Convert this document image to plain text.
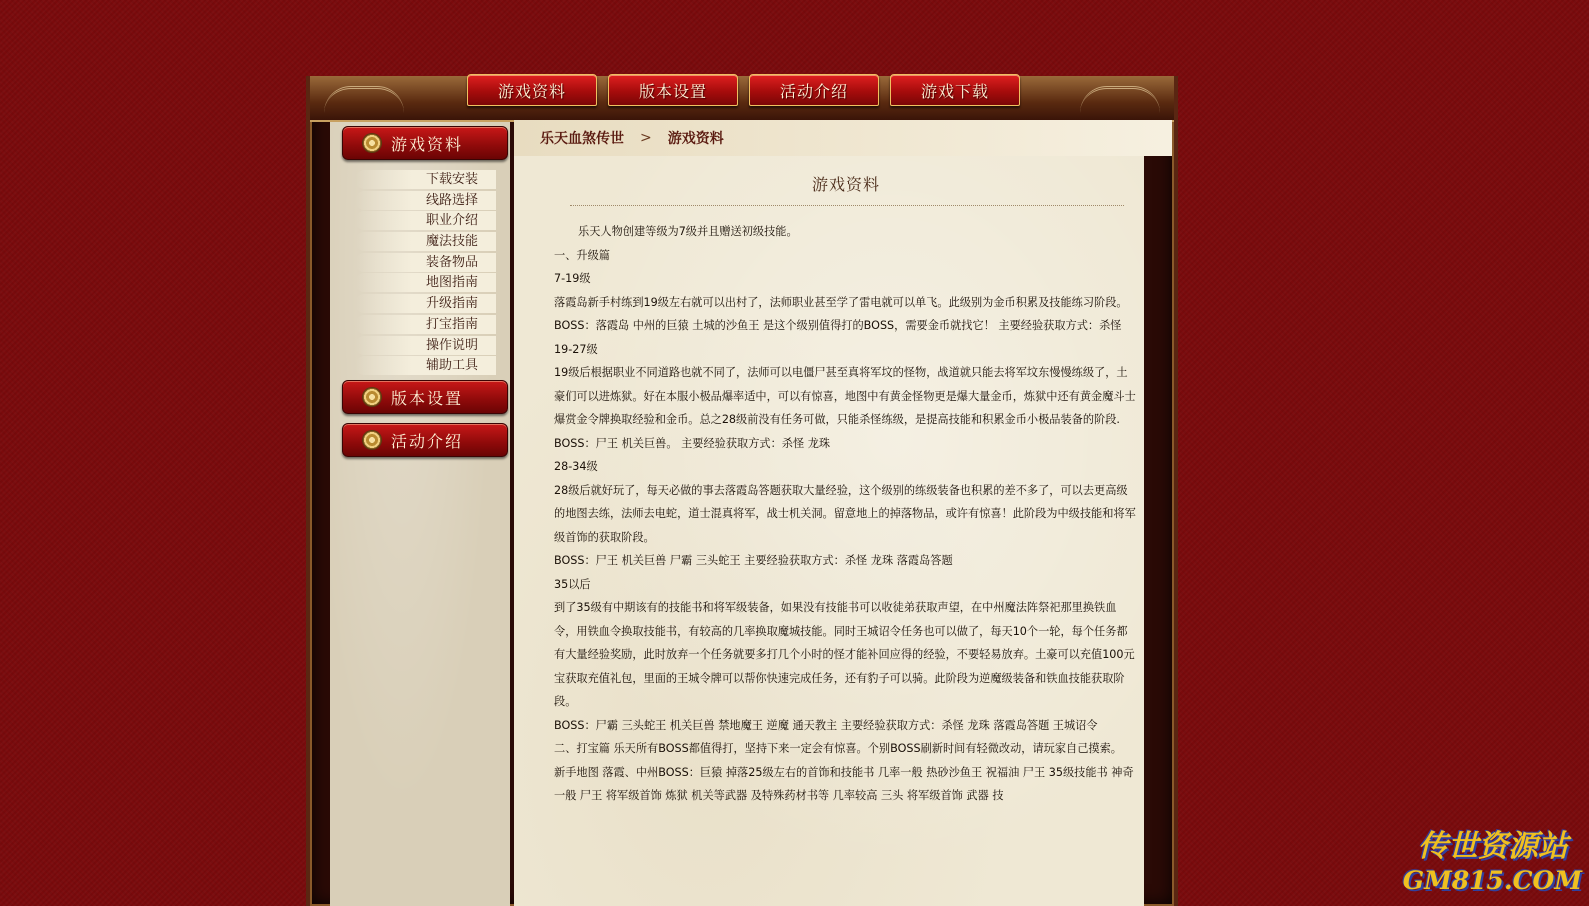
游戏资料	版本设置	活动介绍	游戏下载
游戏资料
下载安装
线路选择
职业介绍
魔法技能
装备物品
地图指南
升级指南
打宝指南
操作说明
辅助工具
版本设置
活动介绍
乐天血煞传世 > 游戏资料
游戏资料

乐天人物创建等级为7级并且赠送初级技能。

一、升级篇

7-19级

落霞岛新手村练到19级左右就可以出村了，法师职业甚至学了雷电就可以单飞。此级别为金币积累及技能练习阶段。

BOSS：落霞岛 中州的巨猿 土城的沙鱼王 是这个级别值得打的BOSS，需要金币就找它！ 主要经验获取方式：杀怪

19-27级

19级后根据职业不同道路也就不同了，法师可以电僵尸甚至真将军坟的怪物，战道就只能去将军坟东慢慢练级了，土豪们可以进炼狱。好在本服小极品爆率适中，可以有惊喜，地图中有黄金怪物更是爆大量金币，炼狱中还有黄金魔斗士爆赏金令牌换取经验和金币。总之28级前没有任务可做，只能杀怪练级，是提高技能和积累金币小极品装备的阶段.

BOSS：尸王 机关巨兽。 主要经验获取方式：杀怪 龙珠

28-34级

28级后就好玩了，每天必做的事去落霞岛答题获取大量经验，这个级别的练级装备也积累的差不多了，可以去更高级的地图去练，法师去电蛇，道士混真将军，战士机关洞。留意地上的掉落物品，或许有惊喜！此阶段为中级技能和将军级首饰的获取阶段。

BOSS：尸王 机关巨兽 尸霸 三头蛇王 主要经验获取方式：杀怪 龙珠 落霞岛答题

35以后

到了35级有中期该有的技能书和将军级装备，如果没有技能书可以收徒弟获取声望，在中州魔法阵祭祀那里换铁血令，用铁血令换取技能书，有较高的几率换取魔城技能。同时王城诏令任务也可以做了，每天10个一轮，每个任务都有大量经验奖励，此时放弃一个任务就要多打几个小时的怪才能补回应得的经验，不要轻易放弃。土豪可以充值100元宝获取充值礼包，里面的王城令牌可以帮你快速完成任务，还有豹子可以骑。此阶段为逆魔级装备和铁血技能获取阶段。

BOSS：尸霸 三头蛇王 机关巨兽 禁地魔王 逆魔 通天教主 主要经验获取方式：杀怪 龙珠 落霞岛答题 王城诏令

二、打宝篇 乐天所有BOSS都值得打，坚持下来一定会有惊喜。个别BOSS刷新时间有轻微改动，请玩家自己摸索。 新手地图 落霞、中州BOSS：巨猿 掉落25级左右的首饰和技能书 几率一般 热砂沙鱼王 祝福油 尸王 35级技能书 神奇一般 尸王 将军级首饰 炼狱 机关等武器 及特殊药材书等 几率较高 三头 将军级首饰 武器 技

传世资源站
GM815.COM
